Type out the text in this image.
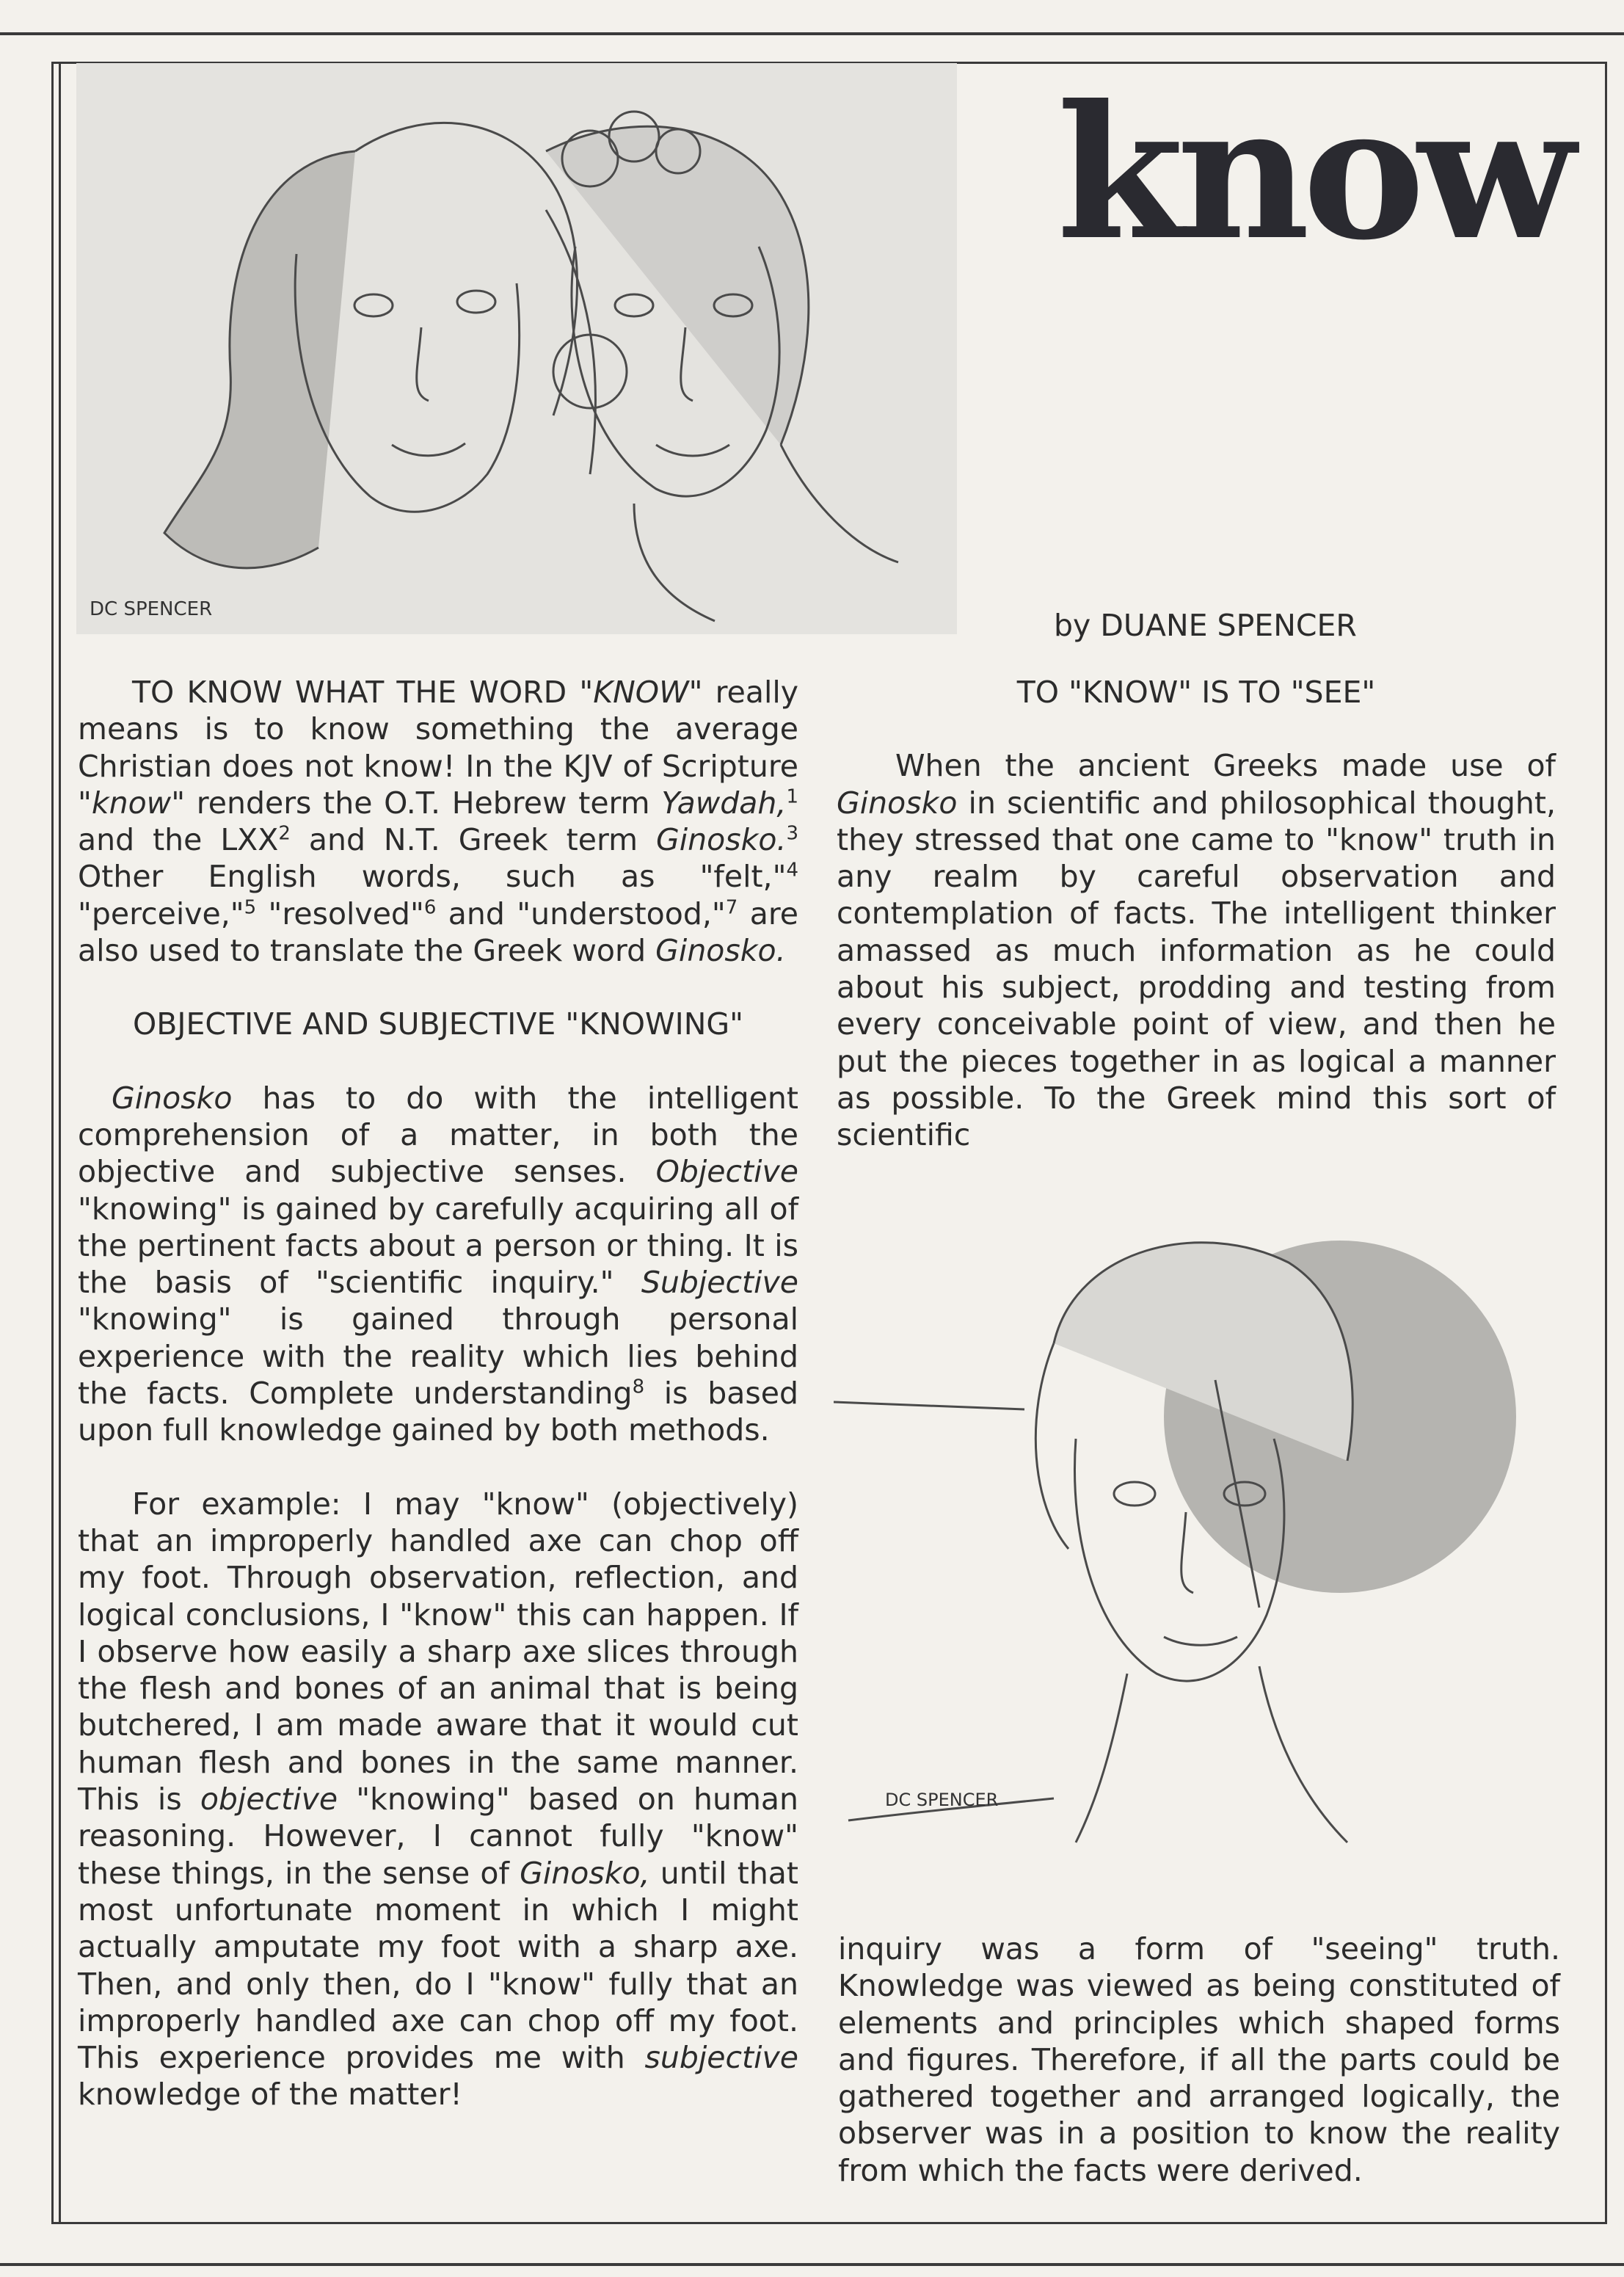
DC SPENCER
know
by DUANE SPENCER

TO KNOW WHAT THE WORD "KNOW" really means is to know something the average Christian does not know! In the KJV of Scripture "know" renders the O.T. Hebrew term Yawdah,$^1$ and the LXX$^2$ and N.T. Greek term Ginosko.$^3$ Other English words, such as "felt,"$^4$ "perceive,"$^5$ "resolved"$^6$ and "understood,"$^7$ are also used to translate the Greek word Ginosko.

OBJECTIVE AND SUBJECTIVE "KNOWING"

Ginosko has to do with the intelligent comprehension of a matter, in both the objective and subjective senses. Objective "knowing" is gained by carefully acquiring all of the pertinent facts about a person or thing. It is the basis of "scientific inquiry." Subjective "knowing" is gained through personal experience with the reality which lies behind the facts. Complete understanding$^8$ is based upon full knowledge gained by both methods.

For example: I may "know" (objectively) that an improperly handled axe can chop off my foot. Through observation, reflection, and logical conclusions, I "know" this can happen. If I observe how easily a sharp axe slices through the flesh and bones of an animal that is being butchered, I am made aware that it would cut human flesh and bones in the same manner. This is objective "knowing" based on human reasoning. However, I cannot fully "know" these things, in the sense of Ginosko, until that most unfortunate moment in which I might actually amputate my foot with a sharp axe. Then, and only then, do I "know" fully that an improperly handled axe can chop off my foot. This experience provides me with subjective knowledge of the matter!

TO "KNOW" IS TO "SEE"

When the ancient Greeks made use of Ginosko in scientific and philosophical thought, they stressed that one came to "know" truth in any realm by careful observation and contemplation of facts. The intelligent thinker amassed as much information as he could about his subject, prodding and testing from every conceivable point of view, and then he put the pieces together in as logical a manner as possible. To the Greek mind this sort of scientific

DC SPENCER

inquiry was a form of "seeing" truth. Knowledge was viewed as being constituted of elements and principles which shaped forms and figures. Therefore, if all the parts could be gathered together and arranged logically, the observer was in a position to know the reality from which the facts were derived.
